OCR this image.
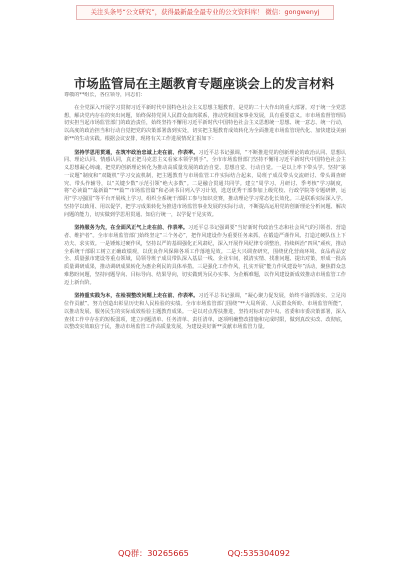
关注头条号“公文研究”，获得最新最全最专业的公文资料库！ 微信：gongwenyj
市场监管局在主题教育专题座谈会上的发言材料

尊敬的**组长，各位领导，同志们：

在全党深入开展学习贯彻习近平新时代中国特色社会主义思想主题教育，是党的二十大作出的重大部署。对于统一全党思想，解决党内存在的突出问题，始终保持党同人民群众血肉联系，推动党和国家事业发展，具有重要意义。市市场监督管理局切实担当起市场监管部门的政治责任，始终坚持不懈用习近平新时代中国特色社会主义思想统一思想、统一意志、统一行动，以高度的政治担当和行动自觉把党的决策部署落到实处，切实把主题教育成效转化为全面推进市场监管现代化、加快建设美丽新**的生动实践。根据会议安排，现将有关工作进展情况汇报如下：

坚持学思用贯通，在筑牢政治忠诚上走在前、作表率。习近平总书记强调，“不断推进党的创新理论的政治认同、思想认同、理论认同、情感认同，真正把马克思主义看家本领学到手”。全市市场监督部门坚持不懈用习近平新时代中国特色社会主义思想凝心铸魂，把党的创新理论转化为推动高质量发展的政治自觉、思想自觉、行动自觉。一是以上率下带头学。坚持“第一议题”制度和“双随机”学习交流机制，把主题教育与市场监管工作实际结合起来，局班子成员带头交流研讨、带头调查研究、带头作辅导，以“关键少数”示范引领“绝大多数”。二是融合贯通共同学。建立“周学习、月研讨、季考核”学习制度，将“必读篇”“最新篇”“**篇”“市场监管篇”和必读书目列入学习计划，选送优秀干部参加上级党校、行政学院等专题研修，运用“学习强国”等平台开展线上学习，组织全系统干部职工参与知识竞赛，推动理论学习常态化长效化。三是联系实际深入学。坚持学以致用、用以促学，把学习成果转化为推进市场监管事业发展的实际行动，不断提高运用党的创新理论分析问题、解决问题的能力，切实做到学思用贯通、知信行统一，以学促干见实效。

坚持服务为先，在全面风正气上走在前、作表率。习近平总书记强调要“当好新时代政治生态和社会风气的引领者、营造者、维护者”。全市市场监管部门始终坚定“三个务必”，把作风建设作为重要任务来抓，在锻造严谨作风、打造过硬队伍上下功夫、求实效。一是锤炼过硬作风，坚持以严的基调强化正风肃纪，深入开展作风纪律专项整治，持续纠治“四风”顽疾，推动全系统干部职工树立正确政绩观，以优良作风保障各项工作落地见效。二是大兴调查研究，围绕优化营商环境、食品药品安全、质量强市建设等重点领域，局领导班子成员带队深入基层一线、企业车间，摸清实情、找准问题、提出对策，形成一批高质量调研成果，推动调研成果转化为惠企利民的具体举措。三是强化工作作风，扎实开展“能力作风建设年”活动，聚焦群众急难愁盼问题，坚持问题导向、目标导向、结果导向，切实做到为民办实事、为企解难题，以作风建设新成效推动市场监管工作迈上新台阶。

坚持重实践为本，在检视整改问题上走在前、作表率。习近平总书记强调，“凝心聚力促发展，始终不渝抓落实、立足岗位作贡献”。努力创造出彰显历史和人民检验的实绩。全市市场监管部门围绕“**大局所需、人民群众所盼、市场监管所能”，以推动发展、服务民生的实际成效检验主题教育成果。一是以对点帮扶推进，坚持对标对表中央、省委和市委决策部署，深入查找工作中存在的短板弱项，建立问题清单、任务清单、责任清单，逐项明确整改措施和完成时限，做到真改实改、改彻底，以整改实效取信于民，推动市场监管工作高质量发展，为建设美好新**贡献市场监管力量。

QQ群：30265665	QQ:535304092
